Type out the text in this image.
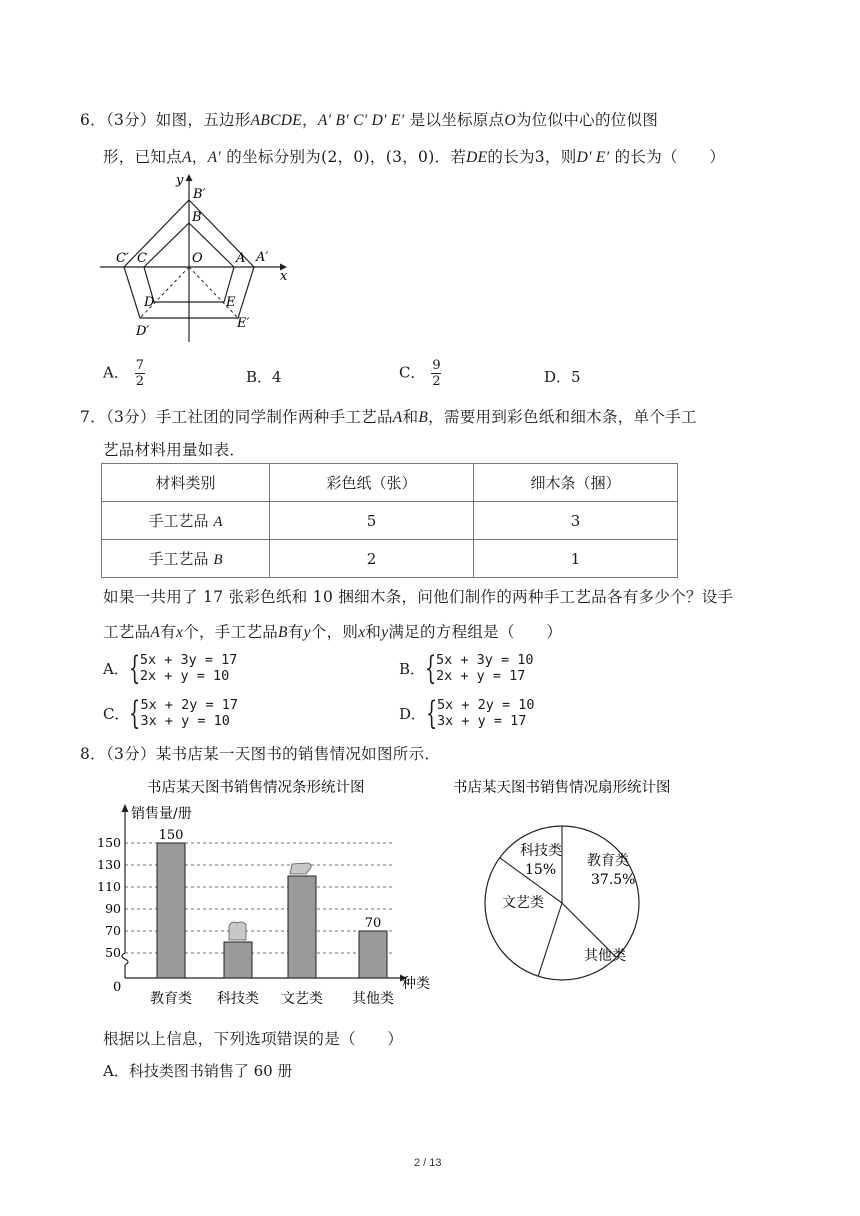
6．（3分）如图，五边形ABCDE，A′ B′ C′ D′ E′ 是以坐标原点O为位似中心的位似图
形，已知点A，A′ 的坐标分别为(2，0)，(3，0)．若DE的长为3，则D′ E′ 的长为（　　）
y
x
B′
B
C′ C	O	A A′
D	E
D′
E′
A． $\frac{7}{2}$	B．4	C． $\frac{9}{2}$	D．5
7．（3分）手工社团的同学制作两种手工艺品A和B，需要用到彩色纸和细木条，单个手工
艺品材料用量如表．
材料类别	彩色纸（张）	细木条（捆）
手工艺品 A	5	3
手工艺品 B	2	1
如果一共用了 17 张彩色纸和 10 捆细木条，问他们制作的两种手工艺品各有多少个？设手
工艺品A有x个，手工艺品B有y个，则x和y满足的方程组是（　　）
A． { 5x + 3y = 17
2x + y = 10	B． { 5x + 3y = 10
2x + y = 17
C． { 5x + 2y = 17
3x + y = 10	D． { 5x + 2y = 10
3x + y = 17
8．（3分）某书店某一天图书的销售情况如图所示．
书店某天图书销售情况条形统计图
销售量/册
种类
0
50
70
90
110
130
150
教育类
150
科技类 文艺类 其他类
70
书店某天图书销售情况扇形统计图
科技类
15%
教育类
37.5%
其他类
文艺类
根据以上信息，下列选项错误的是（　　）
A．科技类图书销售了 60 册
2 / 13
